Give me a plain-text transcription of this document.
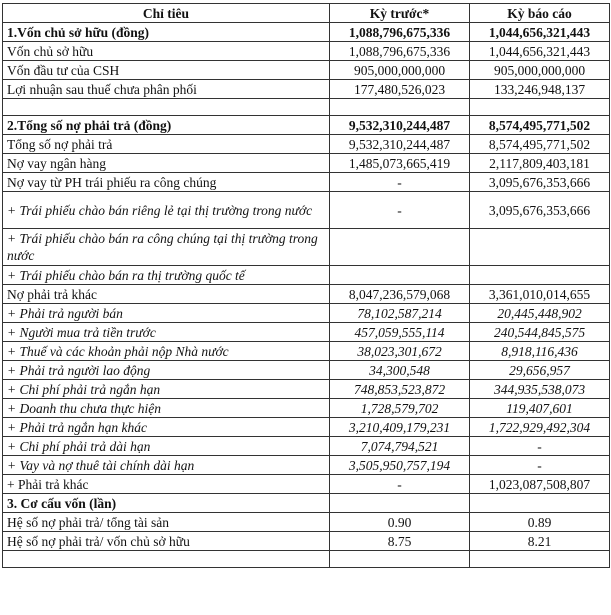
Chỉ tiêu	Kỳ trước*	Kỳ báo cáo
1.Vốn chủ sở hữu (đồng)	1,088,796,675,336	1,044,656,321,443
Vốn chủ sở hữu	1,088,796,675,336	1,044,656,321,443
Vốn đầu tư của CSH	905,000,000,000	905,000,000,000
Lợi nhuận sau thuế chưa phân phối	177,480,526,023	133,246,948,137

2.Tổng số nợ phải trả (đồng)	9,532,310,244,487	8,574,495,771,502
Tổng số nợ phải trả	9,532,310,244,487	8,574,495,771,502
Nợ vay ngân hàng	1,485,073,665,419	2,117,809,403,181
Nợ vay từ PH trái phiếu ra công chúng	-	3,095,676,353,666
+ Trái phiếu chào bán riêng lẻ tại thị trường trong nước	-	3,095,676,353,666
+ Trái phiếu chào bán ra công chúng tại thị trường trong nước		
+ Trái phiếu chào bán ra thị trường quốc tế		
Nợ phải trả khác	8,047,236,579,068	3,361,010,014,655
+ Phải trả người bán	78,102,587,214	20,445,448,902
+ Người mua trả tiền trước	457,059,555,114	240,544,845,575
+ Thuế và các khoản phải nộp Nhà nước	38,023,301,672	8,918,116,436
+ Phải trả người lao động	34,300,548	29,656,957
+ Chi phí phải trả ngắn hạn	748,853,523,872	344,935,538,073
+ Doanh thu chưa thực hiện	1,728,579,702	119,407,601
+ Phải trả ngắn hạn khác	3,210,409,179,231	1,722,929,492,304
+ Chi phí phải trả dài hạn	7,074,794,521	-
+ Vay và nợ thuê tài chính dài hạn	3,505,950,757,194	-
+ Phải trả khác	-	1,023,087,508,807
3. Cơ cấu vốn (lần)		
Hệ số nợ phải trả/ tổng tài sản	0.90	0.89
Hệ số nợ phải trả/ vốn chủ sở hữu	8.75	8.21
